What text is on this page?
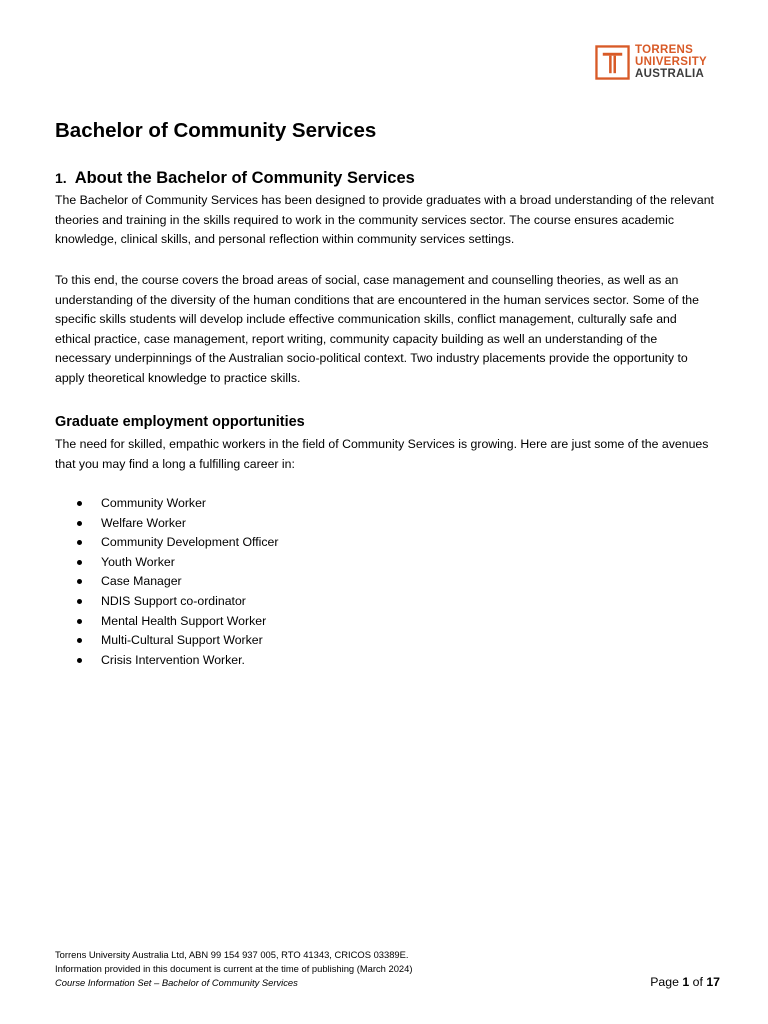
TORRENS
UNIVERSITY
AUSTRALIA
Bachelor of Community Services
1. About the Bachelor of Community Services

The Bachelor of Community Services has been designed to provide graduates with a broad understanding of the relevant theories and training in the skills required to work in the community services sector. The course ensures academic knowledge, clinical skills, and personal reflection within community services settings.

To this end, the course covers the broad areas of social, case management and counselling theories, as well as an understanding of the diversity of the human conditions that are encountered in the human services sector. Some of the specific skills students will develop include effective communication skills, conflict management, culturally safe and ethical practice, case management, report writing, community capacity building as well an understanding of the necessary underpinnings of the Australian socio-political context. Two industry placements provide the opportunity to apply theoretical knowledge to practice skills.

Graduate employment opportunities

The need for skilled, empathic workers in the field of Community Services is growing. Here are just some of the avenues that you may find a long a fulfilling career in:

Community Worker
Welfare Worker
Community Development Officer
Youth Worker
Case Manager
NDIS Support co-ordinator
Mental Health Support Worker
Multi-Cultural Support Worker
Crisis Intervention Worker.
Torrens University Australia Ltd, ABN 99 154 937 005, RTO 41343, CRICOS 03389E.
Information provided in this document is current at the time of publishing (March 2024)
Course Information Set – Bachelor of Community Services	Page 1 of 17
